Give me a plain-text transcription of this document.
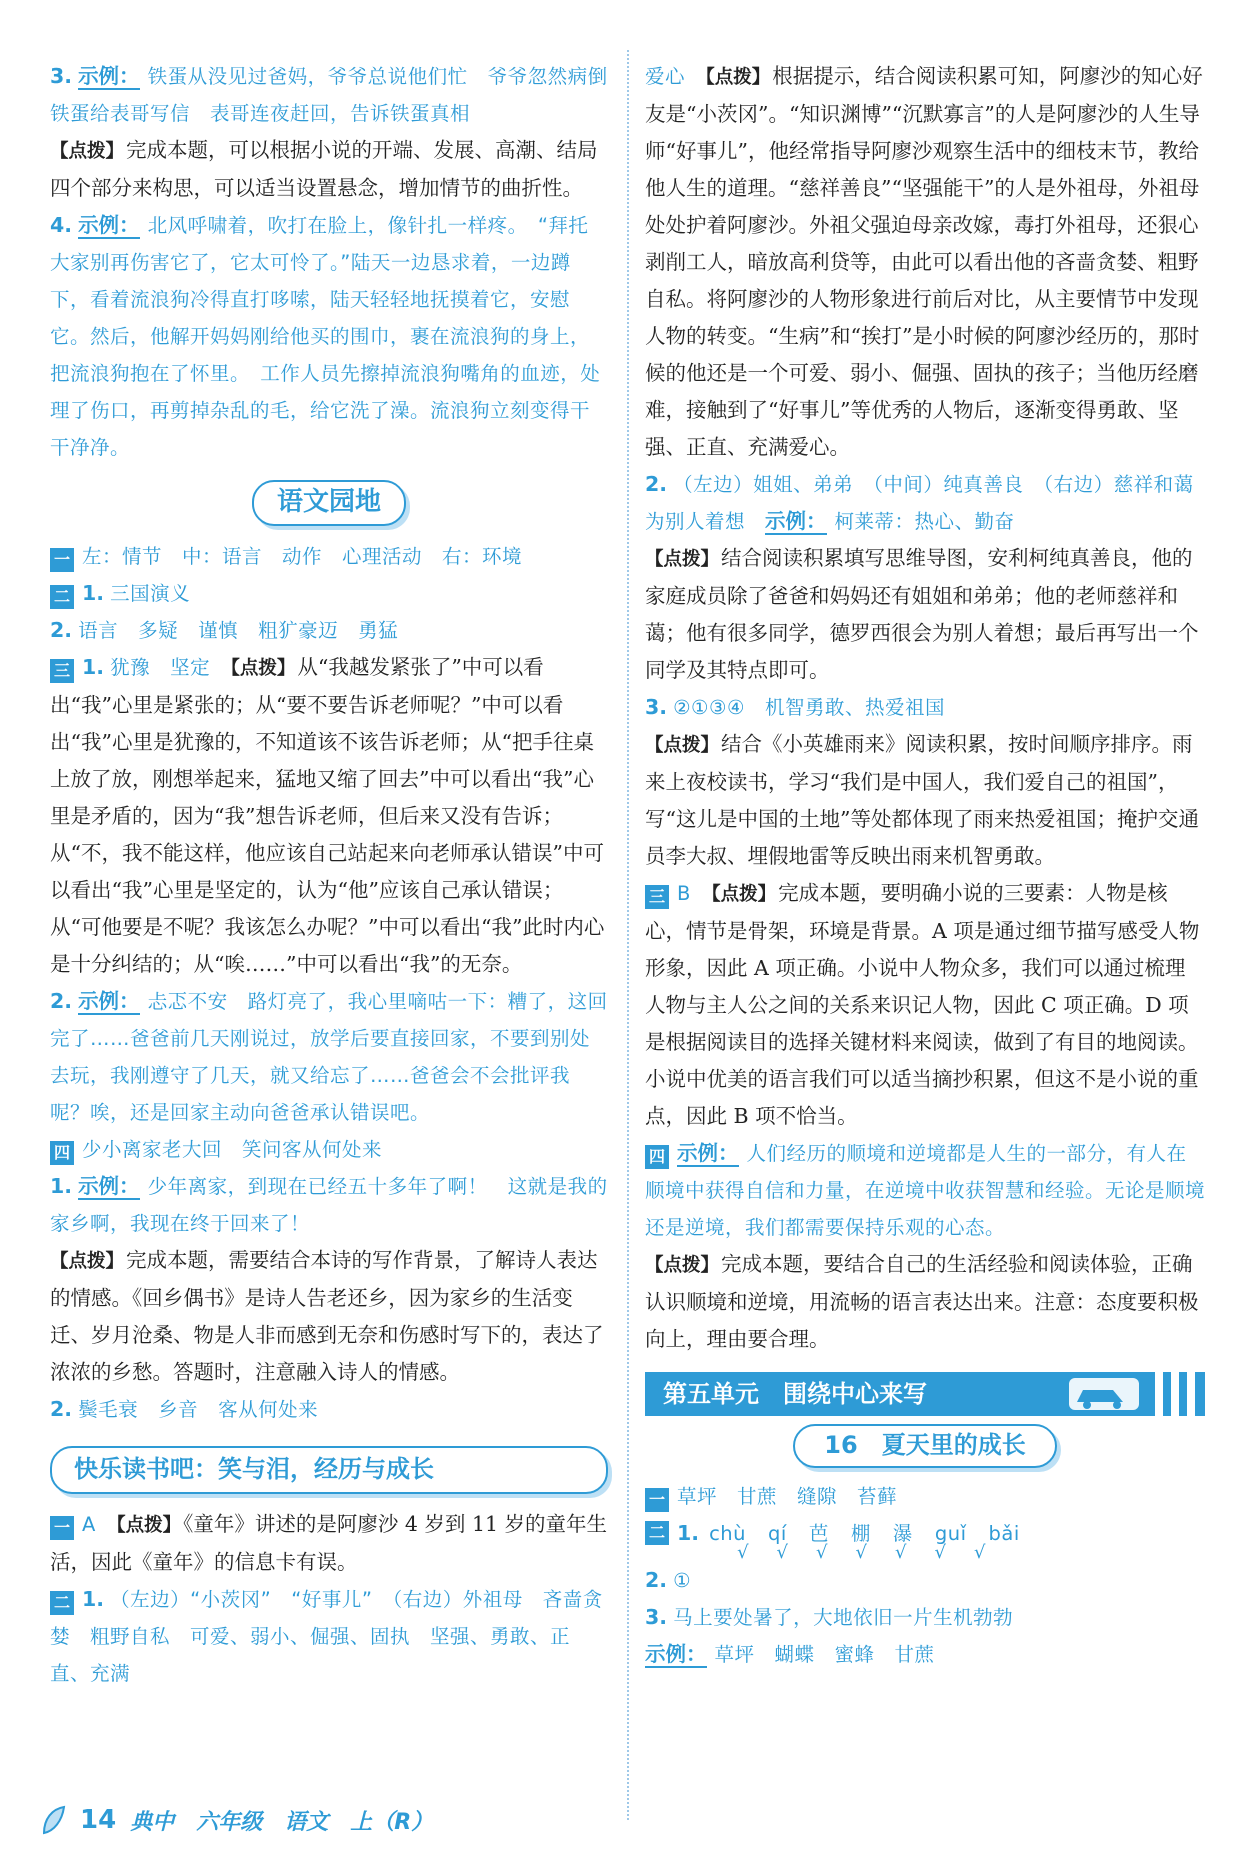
3. 示例： 铁蛋从没见过爸妈，爷爷总说他们忙　爷爷忽然病倒　铁蛋给表哥写信　表哥连夜赶回，告诉铁蛋真相

【点拨】完成本题，可以根据小说的开端、发展、高潮、结局四个部分来构思，可以适当设置悬念，增加情节的曲折性。

4. 示例： 北风呼啸着，吹打在脸上，像针扎一样疼。　“拜托大家别再伤害它了，它太可怜了。”陆天一边恳求着，一边蹲下，看着流浪狗冷得直打哆嗦，陆天轻轻地抚摸着它，安慰它。然后，他解开妈妈刚给他买的围巾，裹在流浪狗的身上，把流浪狗抱在了怀里。　工作人员先擦掉流浪狗嘴角的血迹，处理了伤口，再剪掉杂乱的毛，给它洗了澡。流浪狗立刻变得干干净净。

语文园地

一 左：情节　中：语言　动作　心理活动　右：环境

二 1. 三国演义

2. 语言　多疑　谨慎　粗犷豪迈　勇猛

三 1. 犹豫　坚定　 【点拨】从“我越发紧张了”中可以看出“我”心里是紧张的；从“要不要告诉老师呢？”中可以看出“我”心里是犹豫的，不知道该不该告诉老师；从“把手往桌上放了放，刚想举起来，猛地又缩了回去”中可以看出“我”心里是矛盾的，因为“我”想告诉老师，但后来又没有告诉；从“不，我不能这样，他应该自己站起来向老师承认错误”中可以看出“我”心里是坚定的，认为“他”应该自己承认错误；从“可他要是不呢？我该怎么办呢？”中可以看出“我”此时内心是十分纠结的；从“唉……”中可以看出“我”的无奈。

2. 示例： 忐忑不安　路灯亮了，我心里嘀咕一下：糟了，这回完了……爸爸前几天刚说过，放学后要直接回家，不要到别处去玩，我刚遵守了几天，就又给忘了……爸爸会不会批评我呢？唉，还是回家主动向爸爸承认错误吧。

四 少小离家老大回　笑问客从何处来

1. 示例： 少年离家，到现在已经五十多年了啊！　这就是我的家乡啊，我现在终于回来了！

【点拨】完成本题，需要结合本诗的写作背景，了解诗人表达的情感。《回乡偶书》是诗人告老还乡，因为家乡的生活变迁、岁月沧桑、物是人非而感到无奈和伤感时写下的，表达了浓浓的乡愁。答题时，注意融入诗人的情感。

2. 鬓毛衰　乡音　客从何处来

快乐读书吧：笑与泪，经历与成长

一 A　 【点拨】《童年》讲述的是阿廖沙 4 岁到 11 岁的童年生活，因此《童年》的信息卡有误。

二 1. （左边）“小茨冈”　“好事儿”　（右边）外祖母　吝啬贪婪　粗野自私　可爱、弱小、倔强、固执　坚强、勇敢、正直、充满

爱心　 【点拨】根据提示，结合阅读积累可知，阿廖沙的知心好友是“小茨冈”。“知识渊博”“沉默寡言”的人是阿廖沙的人生导师“好事儿”，他经常指导阿廖沙观察生活中的细枝末节，教给他人生的道理。“慈祥善良”“坚强能干”的人是外祖母，外祖母处处护着阿廖沙。外祖父强迫母亲改嫁，毒打外祖母，还狠心剥削工人，暗放高利贷等，由此可以看出他的吝啬贪婪、粗野自私。将阿廖沙的人物形象进行前后对比，从主要情节中发现人物的转变。“生病”和“挨打”是小时候的阿廖沙经历的，那时候的他还是一个可爱、弱小、倔强、固执的孩子；当他历经磨难，接触到了“好事儿”等优秀的人物后，逐渐变得勇敢、坚强、正直、充满爱心。

2. （左边）姐姐、弟弟　（中间）纯真善良　（右边）慈祥和蔼　为别人着想　示例： 柯莱蒂：热心、勤奋

【点拨】结合阅读积累填写思维导图，安利柯纯真善良，他的家庭成员除了爸爸和妈妈还有姐姐和弟弟；他的老师慈祥和蔼；他有很多同学，德罗西很会为别人着想；最后再写出一个同学及其特点即可。

3. ②①③④　机智勇敢、热爱祖国

【点拨】结合《小英雄雨来》阅读积累，按时间顺序排序。雨来上夜校读书，学习“我们是中国人，我们爱自己的祖国”，写“这儿是中国的土地”等处都体现了雨来热爱祖国；掩护交通员李大叔、埋假地雷等反映出雨来机智勇敢。

三 B　 【点拨】完成本题，要明确小说的三要素：人物是核心，情节是骨架，环境是背景。A 项是通过细节描写感受人物形象，因此 A 项正确。小说中人物众多，我们可以通过梳理人物与主人公之间的关系来识记人物，因此 C 项正确。D 项是根据阅读目的选择关键材料来阅读，做到了有目的地阅读。小说中优美的语言我们可以适当摘抄积累，但这不是小说的重点，因此 B 项不恰当。

四 示例： 人们经历的顺境和逆境都是人生的一部分，有人在顺境中获得自信和力量，在逆境中收获智慧和经验。无论是顺境还是逆境，我们都需要保持乐观的心态。

【点拨】完成本题，要结合自己的生活经验和阅读体验，正确认识顺境和逆境，用流畅的语言表达出来。注意：态度要积极向上，理由要合理。

第五单元　围绕中心来写
16　夏天里的成长

一 草坪　甘蔗　缝隙　苔藓

二 1. chù qí 芭 棚 瀑 guǐ bǎi
√ √ √ √ √ √ √

2. ①

3. 马上要处暑了，大地依旧一片生机勃勃

示例： 草坪　蝴蝶　蜜蜂　甘蔗

14 典中　六年级　语文　上（R）
